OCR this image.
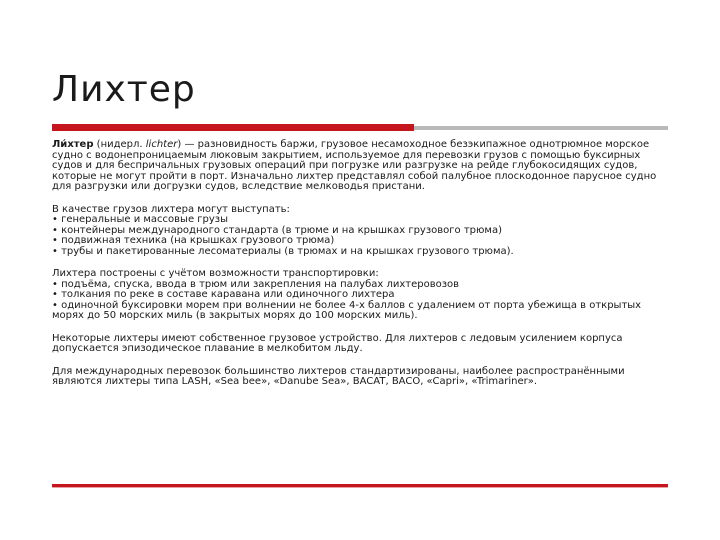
Лихтер

Ли́хтер (нидерл. lichter) — разновидность баржи, грузовое несамоходное безэкипажное однотрюмное морское судно с водонепроницаемым люковым закрытием, используемое для перевозки грузов с помощью буксирных судов и для беспричальных грузовых операций при погрузке или разгрузке на рейде глубокосидящих судов, которые не могут пройти в порт. Изначально лихтер представлял собой палубное плоскодонное парусное судно для разгрузки или догрузки судов, вследствие мелководья пристани.

В качестве грузов лихтера могут выступать:
• генеральные и массовые грузы
• контейнеры международного стандарта (в трюме и на крышках грузового трюма)
• подвижная техника (на крышках грузового трюма)
• трубы и пакетированные лесоматериалы (в трюмах и на крышках грузового трюма).

Лихтера построены с учётом возможности транспортировки:
• подъёма, спуска, ввода в трюм или закрепления на палубах лихтеровозов
• толкания по реке в составе каравана или одиночного лихтера
• одиночной буксировки морем при волнении не более 4-х баллов с удалением от порта убежища в открытых морях до 50 морских миль (в закрытых морях до 100 морских миль).

Некоторые лихтеры имеют собственное грузовое устройство. Для лихтеров с ледовым усилением корпуса допускается эпизодическое плавание в мелкобитом льду.

Для международных перевозок большинство лихтеров стандартизированы, наиболее распространёнными являются лихтеры типа LASH, «Sea bee», «Danube Sea», BACAT, BACO, «Capri», «Trimariner».
